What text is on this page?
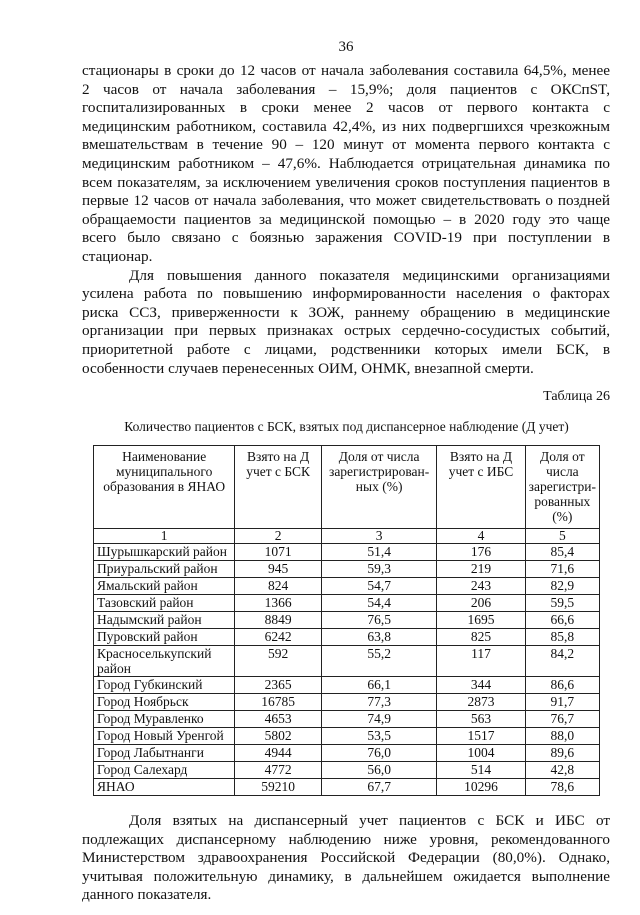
36
стационары в сроки до 12 часов от начала заболевания составила 64,5%, менее
2 часов от начала заболевания – 15,9%; доля пациентов с ОКСпST,
госпитализированных в сроки менее 2 часов от первого контакта с
медицинским работником, составила 42,4%, из них подвергшихся чрезкожным
вмешательствам в течение 90 – 120 минут от момента первого контакта с
медицинским работником – 47,6%. Наблюдается отрицательная динамика по
всем показателям, за исключением увеличения сроков поступления пациентов в
первые 12 часов от начала заболевания, что может свидетельствовать о поздней
обращаемости пациентов за медицинской помощью – в 2020 году это чаще
всего было связано с боязнью заражения COVID-19 при поступлении в
стационар.
Для повышения данного показателя медицинскими организациями
усилена работа по повышению информированности населения о факторах
риска ССЗ, приверженности к ЗОЖ, раннему обращению в медицинские
организации при первых признаках острых сердечно-сосудистых событий,
приоритетной работе с лицами, родственники которых имели БСК, в
особенности случаев перенесенных ОИМ, ОНМК, внезапной смерти.
Таблица 26
Количество пациентов с БСК, взятых под диспансерное наблюдение (Д учет)
Наименование муниципального образования в ЯНАО	Взято на Д учет с БСК	Доля от числа зарегистрирован-ных (%)	Взято на Д учет с ИБС	Доля от числа зарегистри-рованных (%)
1	2	3	4	5
Шурышкарский район	1071	51,4	176	85,4
Приуральский район	945	59,3	219	71,6
Ямальский район	824	54,7	243	82,9
Тазовский район	1366	54,4	206	59,5
Надымский район	8849	76,5	1695	66,6
Пуровский район	6242	63,8	825	85,8
Красноселькупский район	592	55,2	117	84,2
Город Губкинский	2365	66,1	344	86,6
Город Ноябрьск	16785	77,3	2873	91,7
Город Муравленко	4653	74,9	563	76,7
Город Новый Уренгой	5802	53,5	1517	88,0
Город Лабытнанги	4944	76,0	1004	89,6
Город Салехард	4772	56,0	514	42,8
ЯНАО	59210	67,7	10296	78,6
Доля взятых на диспансерный учет пациентов с БСК и ИБС от
подлежащих диспансерному наблюдению ниже уровня, рекомендованного
Министерством здравоохранения Российской Федерации (80,0%). Однако,
учитывая положительную динамику, в дальнейшем ожидается выполнение
данного показателя.
